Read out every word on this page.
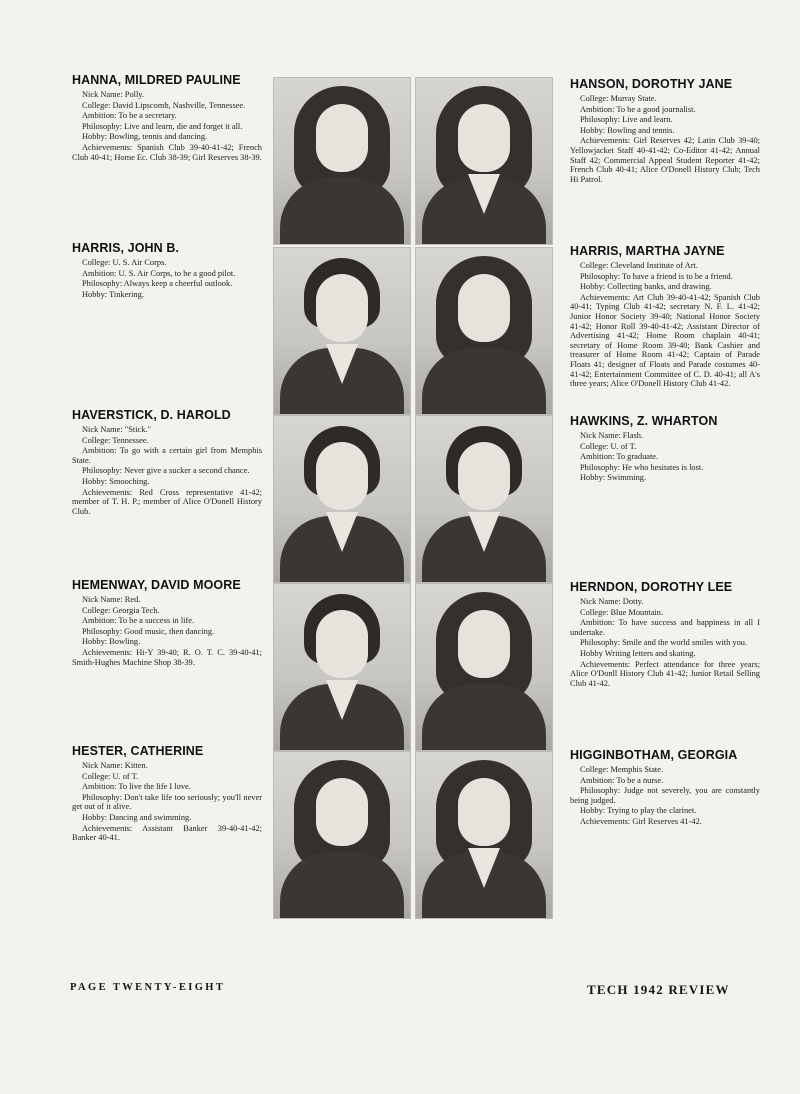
HANNA, MILDRED PAULINE

Nick Name: Polly.

College: David Lipscomb, Nashville, Tennessee.

Ambition: To be a secretary.

Philosophy: Live and learn, die and forget it all.

Hobby: Bowling, tennis and dancing.

Achievements: Spanish Club 39-40-41-42; French Club 40-41; Home Ec. Club 38-39; Girl Reserves 38-39.

HANSON, DOROTHY JANE

College: Murray State.

Ambition: To be a good journalist.

Philosophy: Live and learn.

Hobby: Bowling and tennis.

Achievements: Girl Reserves 42; Latin Club 39-40; Yellowjacket Staff 40-41-42; Co-Editor 41-42; Annual Staff 42; Commercial Appeal Student Reporter 41-42; French Club 40-41; Alice O'Donell History Club; Tech Hi Patrol.

HARRIS, JOHN B.

College: U. S. Air Corps.

Ambition: U. S. Air Corps, to be a good pilot.

Philosophy: Always keep a cheerful outlook.

Hobby: Tinkering.

HARRIS, MARTHA JAYNE

College: Cleveland Institute of Art.

Philosophy: To have a friend is to be a friend.

Hobby: Collecting banks, and drawing.

Achievements: Art Club 39-40-41-42; Spanish Club 40-41; Typing Club 41-42; secretary N. F. L. 41-42; Junior Honor Society 39-40; National Honor Society 41-42; Honor Roll 39-40-41-42; Assistant Director of Advertising 41-42; Home Room chaplain 40-41; secretary of Home Room 39-40; Bank Cashier and treasurer of Home Room 41-42; Captain of Parade Floats 41; designer of Floats and Parade costumes 40-41-42; Entertainment Committee of C. D. 40-41; all A's three years; Alice O'Donell History Club 41-42.

HAVERSTICK, D. HAROLD

Nick Name: "Stick."

College: Tennessee.

Ambition: To go with a certain girl from Memphis State.

Philosophy: Never give a sucker a second chance.

Hobby: Smooching.

Achievements: Red Cross representative 41-42; member of T. H. P.; member of Alice O'Donell History Club.

HAWKINS, Z. WHARTON

Nick Name: Flash.

College: U. of T.

Ambition: To graduate.

Philosophy: He who hesitates is lost.

Hobby: Swimming.

HEMENWAY, DAVID MOORE

Nick Name: Red.

College: Georgia Tech.

Ambition: To be a success in life.

Philosophy: Good music, then dancing.

Hobby: Bowling.

Achievements: Hi-Y 39-40; R. O. T. C. 39-40-41; Smith-Hughes Machine Shop 38-39.

HERNDON, DOROTHY LEE

Nick Name: Dotty.

College: Blue Mountain.

Ambition: To have success and happiness in all I undertake.

Philosophy: Smile and the world smiles with you.

Hobby Writing letters and skating.

Achievements: Perfect attendance for three years; Alice O'Donll History Club 41-42; Junior Retail Selling Club 41-42.

HESTER, CATHERINE

Nick Name: Kitten.

College: U. of T.

Ambition: To live the life I love.

Philosophy: Don't take life too seriously; you'll never get out of it alive.

Hobby: Dancing and swimming.

Achievements: Assistant Banker 39-40-41-42; Banker 40-41.

HIGGINBOTHAM, GEORGIA

College: Memphis State.

Ambition: To be a nurse.

Philosophy: Judge not severely, you are constantly being judged.

Hobby: Trying to play the clarinet.

Achievements: Girl Reserves 41-42.

PAGE TWENTY-EIGHT	TECH 1942 REVIEW
